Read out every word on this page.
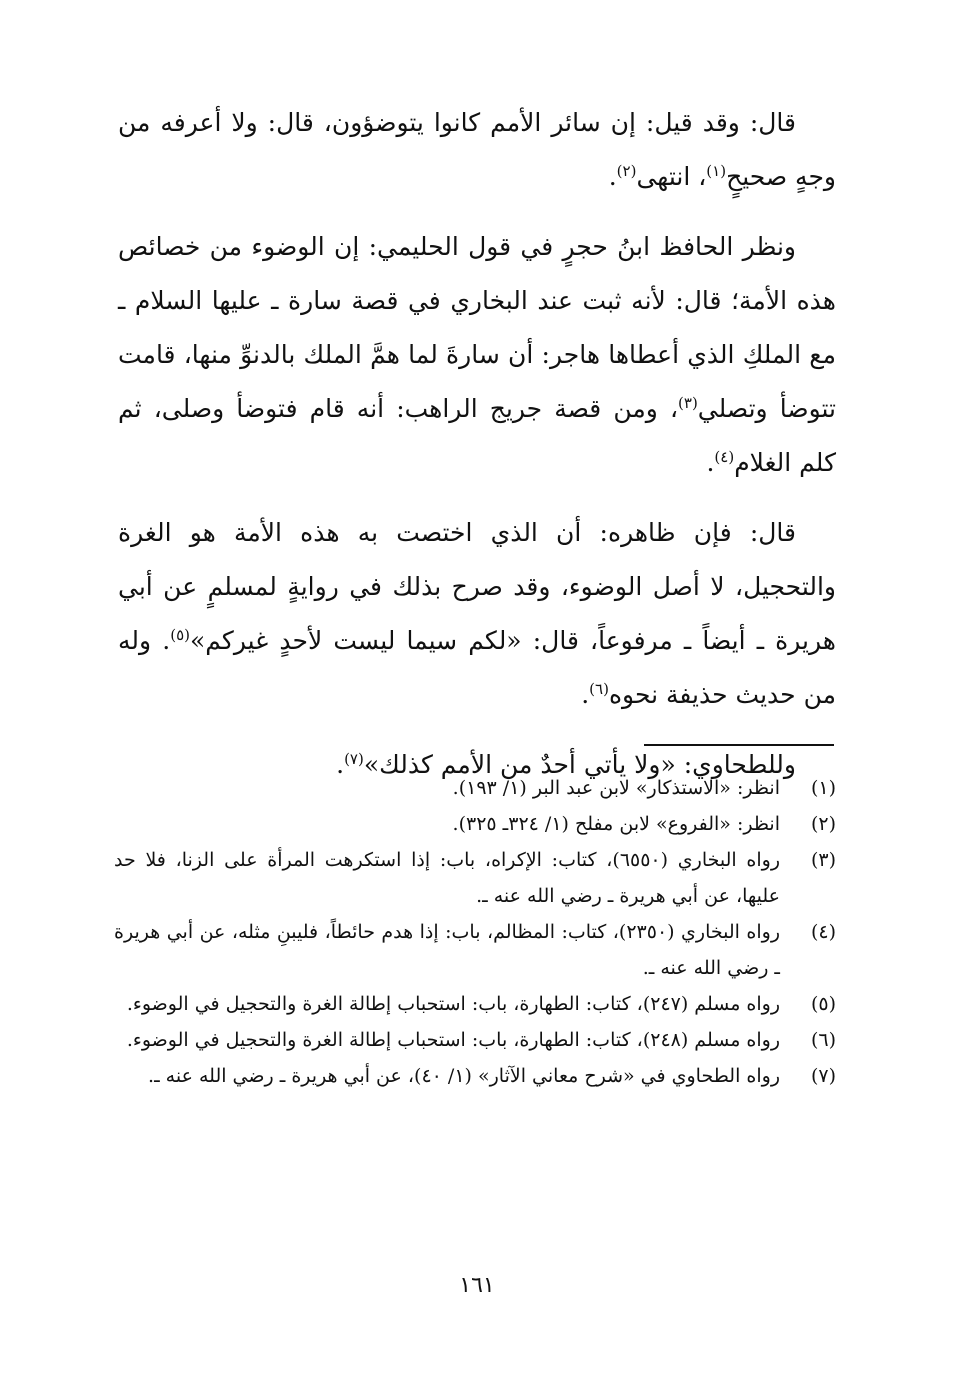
قال: وقد قيل: إن سائر الأمم كانوا يتوضؤون، قال: ولا أعرفه من وجهٍ صحيحٍ$^{(١)}$، انتهى$^{(٢)}$.

ونظر الحافظ ابنُ حجرٍ في قول الحليمي: إن الوضوء من خصائص هذه الأمة؛ قال: لأنه ثبت عند البخاري في قصة سارة ـ عليها السلام ـ مع الملكِ الذي أعطاها هاجر: أن سارةَ لما همَّ الملك بالدنوِّ منها، قامت تتوضأ وتصلي$^{(٣)}$، ومن قصة جريج الراهب: أنه قام فتوضأ وصلى، ثم كلم الغلام$^{(٤)}$.

قال: فإن ظاهره: أن الذي اختصت به هذه الأمة هو الغرة والتحجيل، لا أصل الوضوء، وقد صرح بذلك في روايةٍ لمسلمٍ عن أبي هريرة ـ أيضاً ـ مرفوعاً، قال: «لكم سيما ليست لأحدٍ غيركم»$^{(٥)}$. وله من حديث حذيفة نحوه$^{(٦)}$.

وللطحاوي: «ولا يأتي أحدٌ من الأمم كذلك»$^{(٧)}$.

(١)
انظر: «الاستذكار» لابن عبد البر (١/ ١٩٣).
(٢)
انظر: «الفروع» لابن مفلح (١/ ٣٢٤ـ ٣٢٥).
(٣)
رواه البخاري (٦٥٥٠)، كتاب: الإكراه، باب: إذا استكرهت المرأة على الزنا، فلا حد عليها، عن أبي هريرة ـ رضي الله عنه ـ.
(٤)
رواه البخاري (٢٣٥٠)، كتاب: المظالم، باب: إذا هدم حائطاً، فليبنِ مثله، عن أبي هريرة ـ رضي الله عنه ـ.
(٥)
رواه مسلم (٢٤٧)، كتاب: الطهارة، باب: استحباب إطالة الغرة والتحجيل في الوضوء.
(٦)
رواه مسلم (٢٤٨)، كتاب: الطهارة، باب: استحباب إطالة الغرة والتحجيل في الوضوء.
(٧)
رواه الطحاوي في «شرح معاني الآثار» (١/ ٤٠)، عن أبي هريرة ـ رضي الله عنه ـ.
١٦١
